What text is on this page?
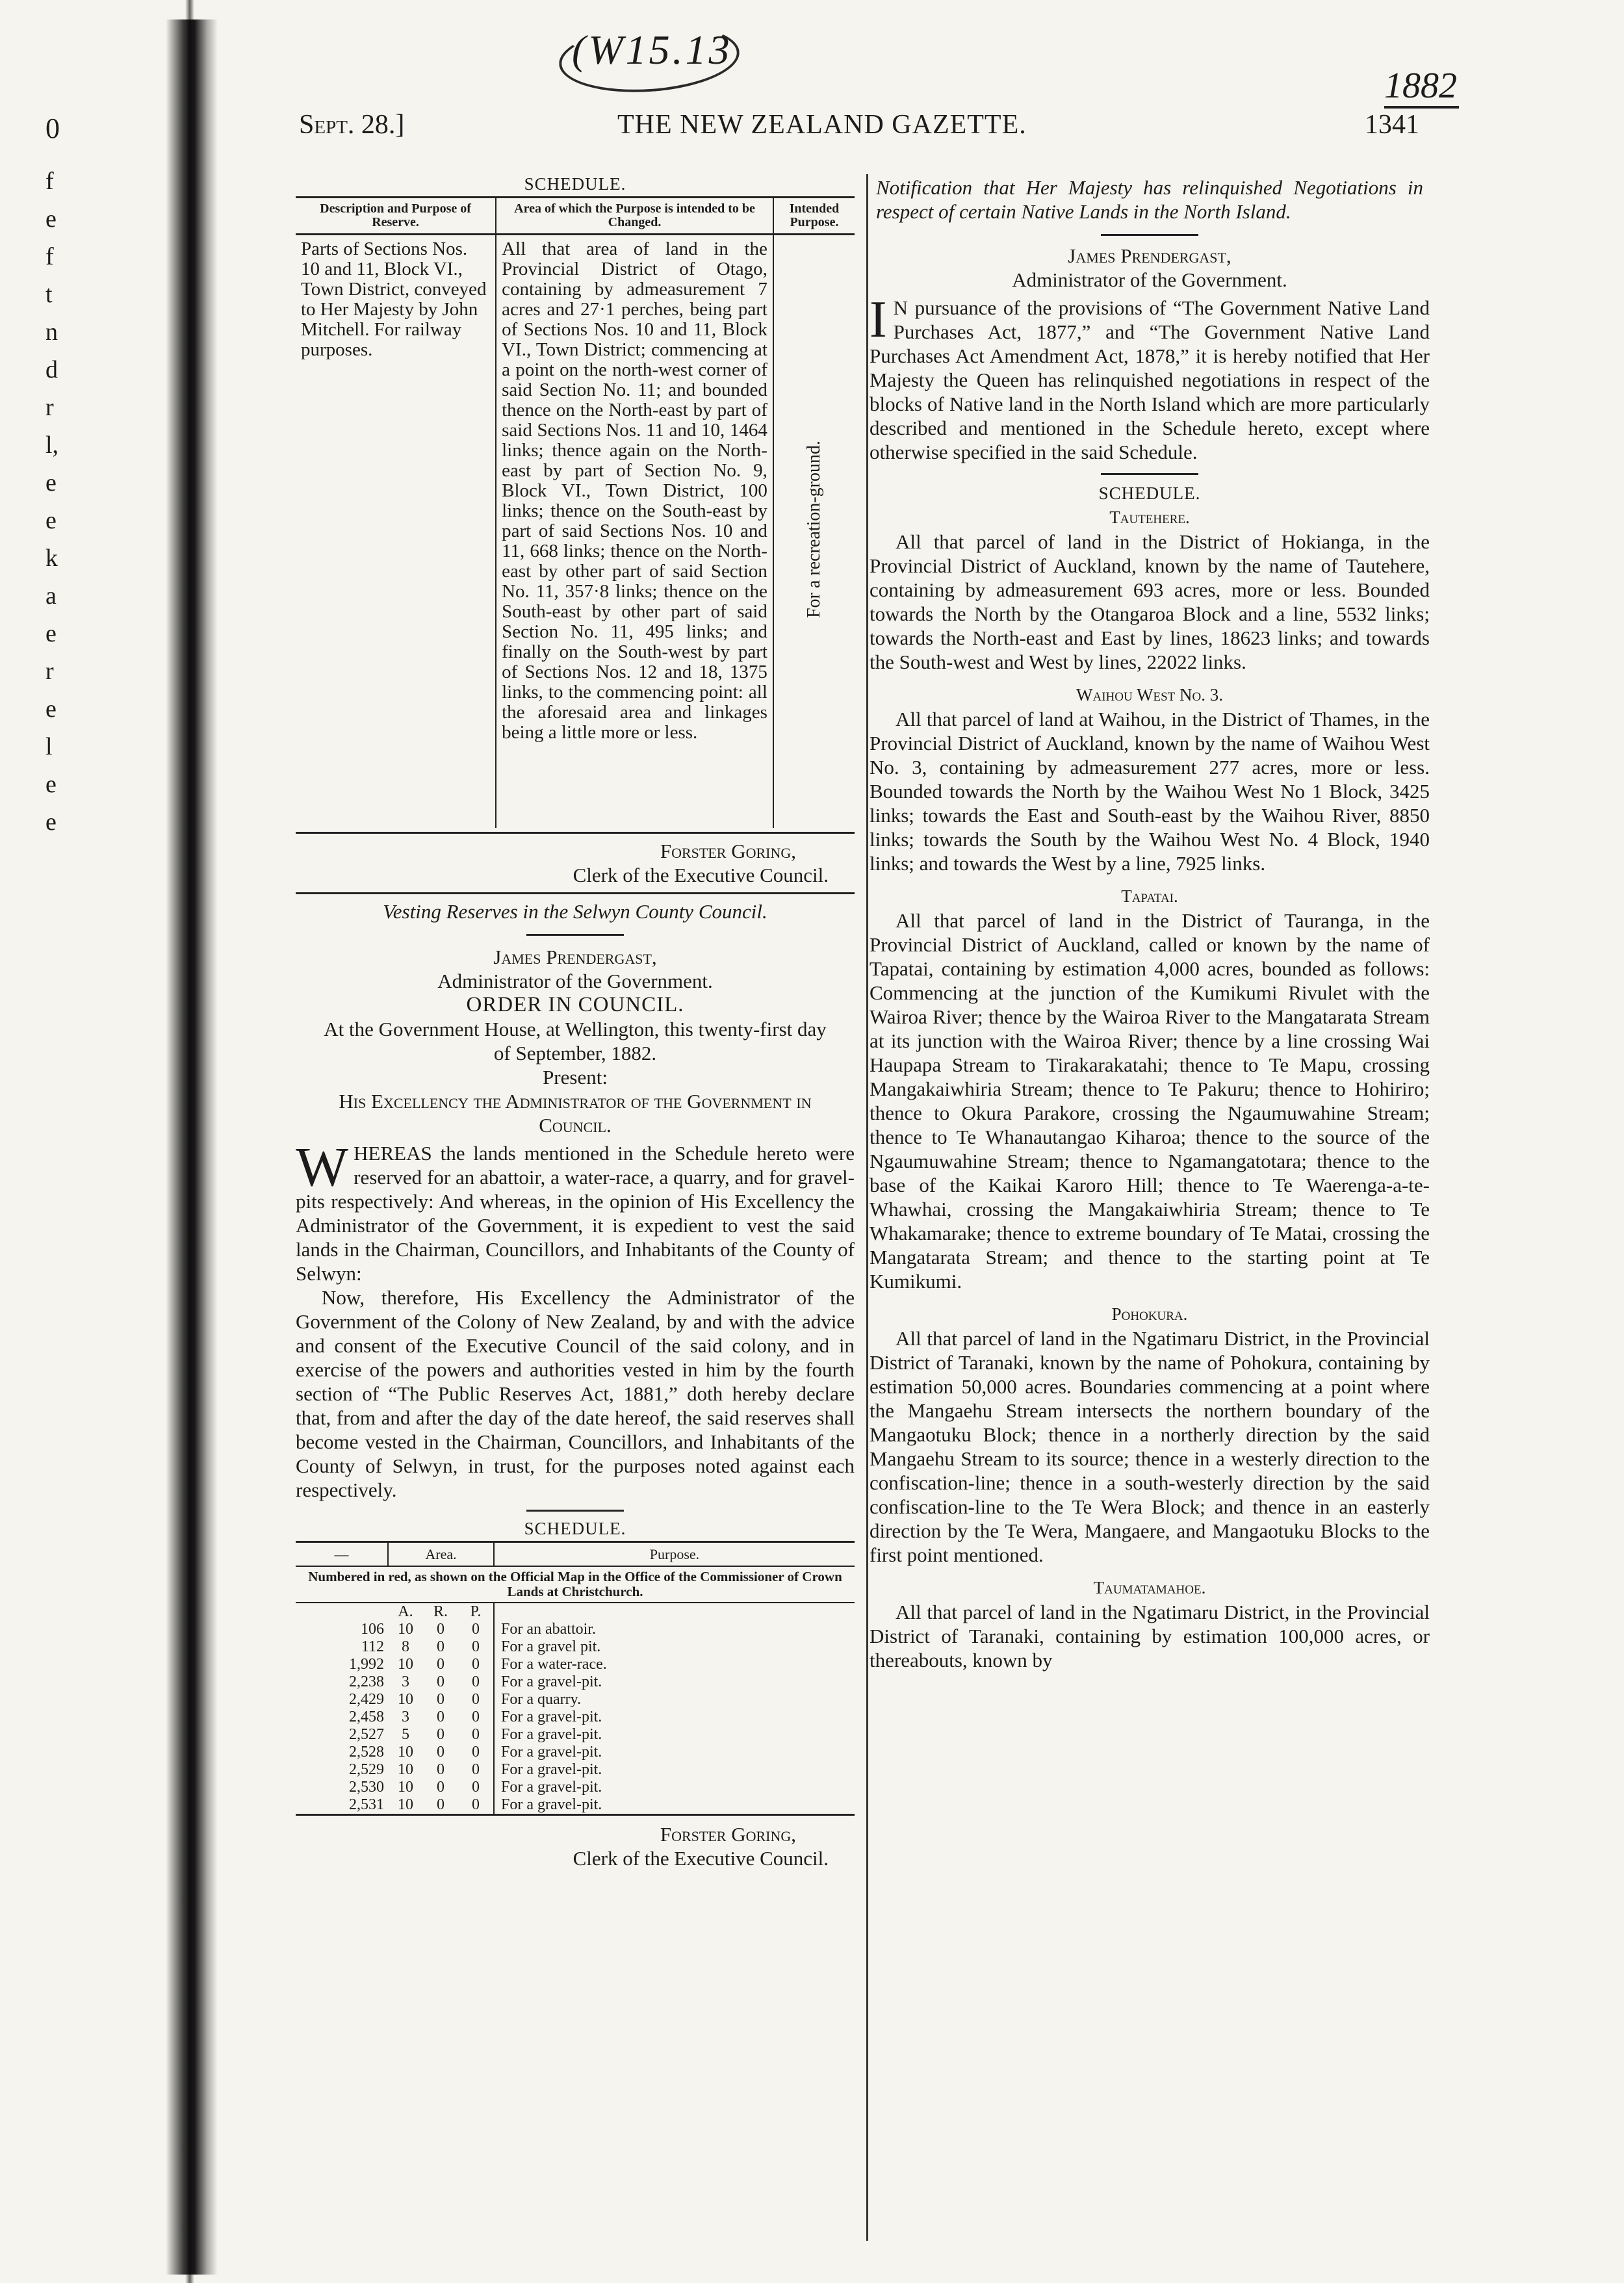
0
f
e
f
t
n
d
r
l,
e
e
k
a
e
r
e
l
e
e
(W15.13
1882
Sept. 28.]	THE NEW ZEALAND GAZETTE.	1341
SCHEDULE.
Description and Purpose of Reserve.	Area of which the Purpose is intended to be Changed.	Intended Purpose.
Parts of Sections Nos. 10 and 11, Block VI., Town District, conveyed to Her Majesty by John Mitchell. For railway purposes.	All that area of land in the Provincial District of Otago, containing by admeasurement 7 acres and 27·1 perches, being part of Sections Nos. 10 and 11, Block VI., Town District; commencing at a point on the north-west corner of said Section No. 11; and bounded thence on the North-east by part of said Sections Nos. 11 and 10, 1464 links; thence again on the North-east by part of Section No. 9, Block VI., Town District, 100 links; thence on the South-east by part of said Sections Nos. 10 and 11, 668 links; thence on the North-east by other part of said Section No. 11, 357·8 links; thence on the South-east by other part of said Section No. 11, 495 links; and finally on the South-west by part of Sections Nos. 12 and 18, 1375 links, to the commencing point: all the aforesaid area and linkages being a little more or less.	For a recreation-ground.
Forster Goring,
Clerk of the Executive Council.
Vesting Reserves in the Selwyn County Council.
James Prendergast,
Administrator of the Government.
ORDER IN COUNCIL.
At the Government House, at Wellington, this twenty-first day of September, 1882.
Present:
His Excellency the Administrator of the Government in Council.
WHEREAS the lands mentioned in the Schedule hereto were reserved for an abattoir, a water-race, a quarry, and for gravel-pits respectively: And whereas, in the opinion of His Excellency the Administrator of the Government, it is expedient to vest the said lands in the Chairman, Councillors, and Inhabitants of the County of Selwyn:

Now, therefore, His Excellency the Administrator of the Government of the Colony of New Zealand, by and with the advice and consent of the Executive Council of the said colony, and in exercise of the powers and authorities vested in him by the fourth section of “The Public Reserves Act, 1881,” doth hereby declare that, from and after the day of the date hereof, the said reserves shall become vested in the Chairman, Councillors, and Inhabitants of the County of Selwyn, in trust, for the purposes noted against each respectively.

SCHEDULE.
—	Area.			Purpose.
Numbered in red, as shown on the Official Map in the Office of the Commissioner of Crown Lands at Christchurch.				
	A.	R.	P.	
106	10	0	0	For an abattoir.
112	8	0	0	For a gravel pit.
1,992	10	0	0	For a water-race.
2,238	3	0	0	For a gravel-pit.
2,429	10	0	0	For a quarry.
2,458	3	0	0	For a gravel-pit.
2,527	5	0	0	For a gravel-pit.
2,528	10	0	0	For a gravel-pit.
2,529	10	0	0	For a gravel-pit.
2,530	10	0	0	For a gravel-pit.
2,531	10	0	0	For a gravel-pit.
Forster Goring,
Clerk of the Executive Council.
Notification that Her Majesty has relinquished Negotiations in respect of certain Native Lands in the North Island.
James Prendergast,
Administrator of the Government.
I N pursuance of the provisions of “The Government Native Land Purchases Act, 1877,” and “The Government Native Land Purchases Act Amendment Act, 1878,” it is hereby notified that Her Majesty the Queen has relinquished negotiations in respect of the blocks of Native land in the North Island which are more particularly described and mentioned in the Schedule hereto, except where otherwise specified in the said Schedule.
SCHEDULE.
Tautehere.

All that parcel of land in the District of Hokianga, in the Provincial District of Auckland, known by the name of Tautehere, containing by admeasurement 693 acres, more or less. Bounded towards the North by the Otangaroa Block and a line, 5532 links; towards the North-east and East by lines, 18623 links; and towards the South-west and West by lines, 22022 links.

Waihou West No. 3.

All that parcel of land at Waihou, in the District of Thames, in the Provincial District of Auckland, known by the name of Waihou West No. 3, containing by admeasurement 277 acres, more or less. Bounded towards the North by the Waihou West No 1 Block, 3425 links; towards the East and South-east by the Waihou River, 8850 links; towards the South by the Waihou West No. 4 Block, 1940 links; and towards the West by a line, 7925 links.

Tapatai.

All that parcel of land in the District of Tauranga, in the Provincial District of Auckland, called or known by the name of Tapatai, containing by estimation 4,000 acres, bounded as follows: Commencing at the junction of the Kumikumi Rivulet with the Wairoa River; thence by the Wairoa River to the Mangatarata Stream at its junction with the Wairoa River; thence by a line crossing Wai Haupapa Stream to Tirakarakatahi; thence to Te Mapu, crossing Mangakaiwhiria Stream; thence to Te Pakuru; thence to Hohiriro; thence to Okura Parakore, crossing the Ngaumuwahine Stream; thence to Te Whanautangao Kiharoa; thence to the source of the Ngaumuwahine Stream; thence to Ngamangatotara; thence to the base of the Kaikai Karoro Hill; thence to Te Waerenga-a-te-Whawhai, crossing the Mangakaiwhiria Stream; thence to Te Whakamarake; thence to extreme boundary of Te Matai, crossing the Mangatarata Stream; and thence to the starting point at Te Kumikumi.

Pohokura.

All that parcel of land in the Ngatimaru District, in the Provincial District of Taranaki, known by the name of Pohokura, containing by estimation 50,000 acres. Boundaries commencing at a point where the Mangaehu Stream intersects the northern boundary of the Mangaotuku Block; thence in a northerly direction by the said Mangaehu Stream to its source; thence in a westerly direction to the confiscation-line; thence in a south-westerly direction by the said confiscation-line to the Te Wera Block; and thence in an easterly direction by the Te Wera, Mangaere, and Mangaotuku Blocks to the first point mentioned.

Taumatamahoe.

All that parcel of land in the Ngatimaru District, in the Provincial District of Taranaki, containing by estimation 100,000 acres, or thereabouts, known by
